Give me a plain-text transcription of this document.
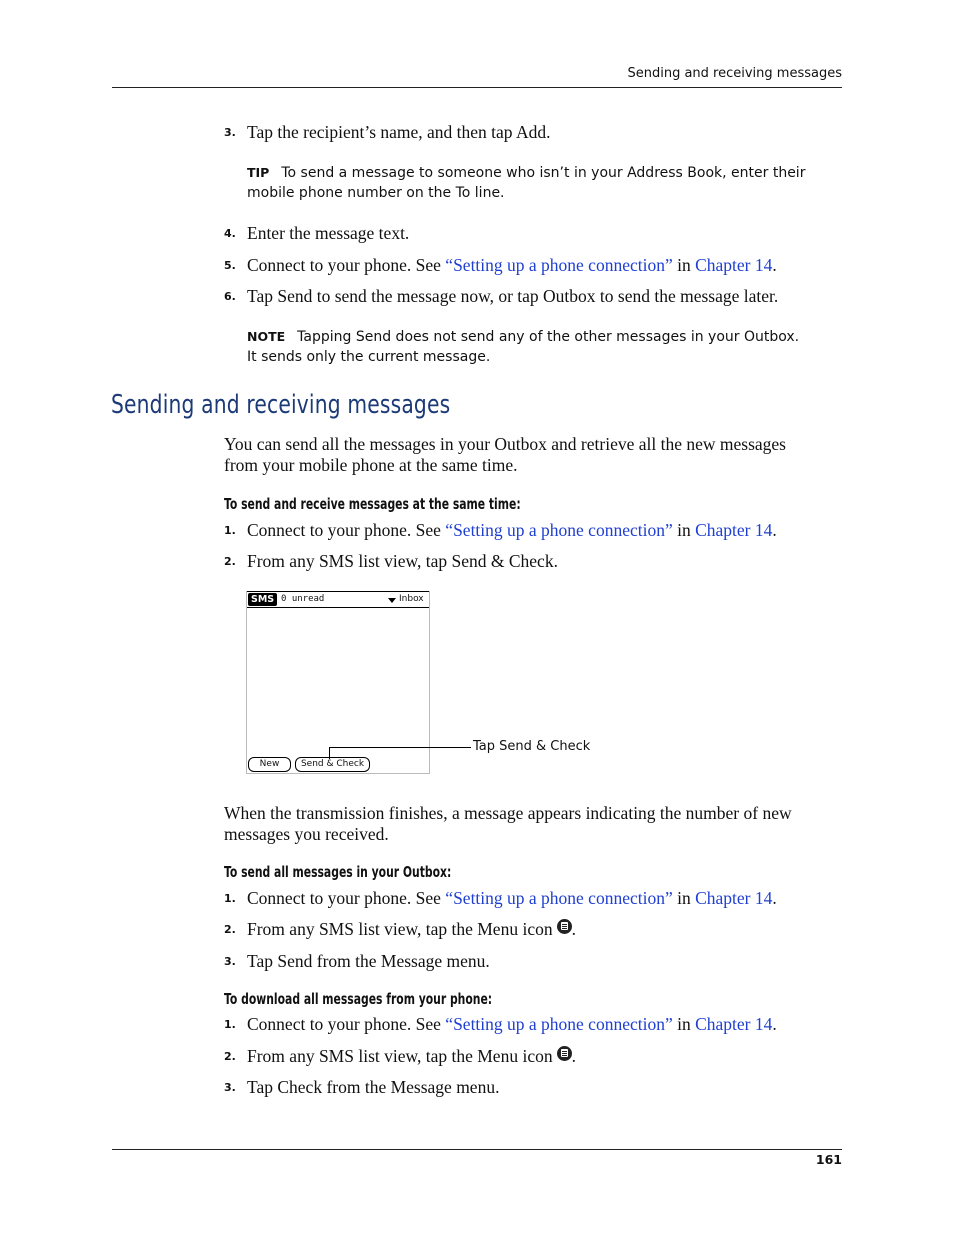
Sending and receiving messages
3. Tap the recipient’s name, and then tap Add.
TIP To send a message to someone who isn’t in your Address Book, enter their
mobile phone number on the To line.
4. Enter the message text.
5. Connect to your phone. See “Setting up a phone connection” in Chapter 14.
6. Tap Send to send the message now, or tap Outbox to send the message later.
NOTE Tapping Send does not send any of the other messages in your Outbox.
It sends only the current message.
Sending and receiving messages
You can send all the messages in your Outbox and retrieve all the new messages
from your mobile phone at the same time.
To send and receive messages at the same time:
1. Connect to your phone. See “Setting up a phone connection” in Chapter 14.
2. From any SMS list view, tap Send & Check.
SMS 0 unread	Inbox
New	Send & Check
Tap Send & Check
When the transmission finishes, a message appears indicating the number of new
messages you received.
To send all messages in your Outbox:
1. Connect to your phone. See “Setting up a phone connection” in Chapter 14.
2. From any SMS list view, tap the Menu icon .
3. Tap Send from the Message menu.
To download all messages from your phone:
1. Connect to your phone. See “Setting up a phone connection” in Chapter 14.
2. From any SMS list view, tap the Menu icon .
3. Tap Check from the Message menu.
161
